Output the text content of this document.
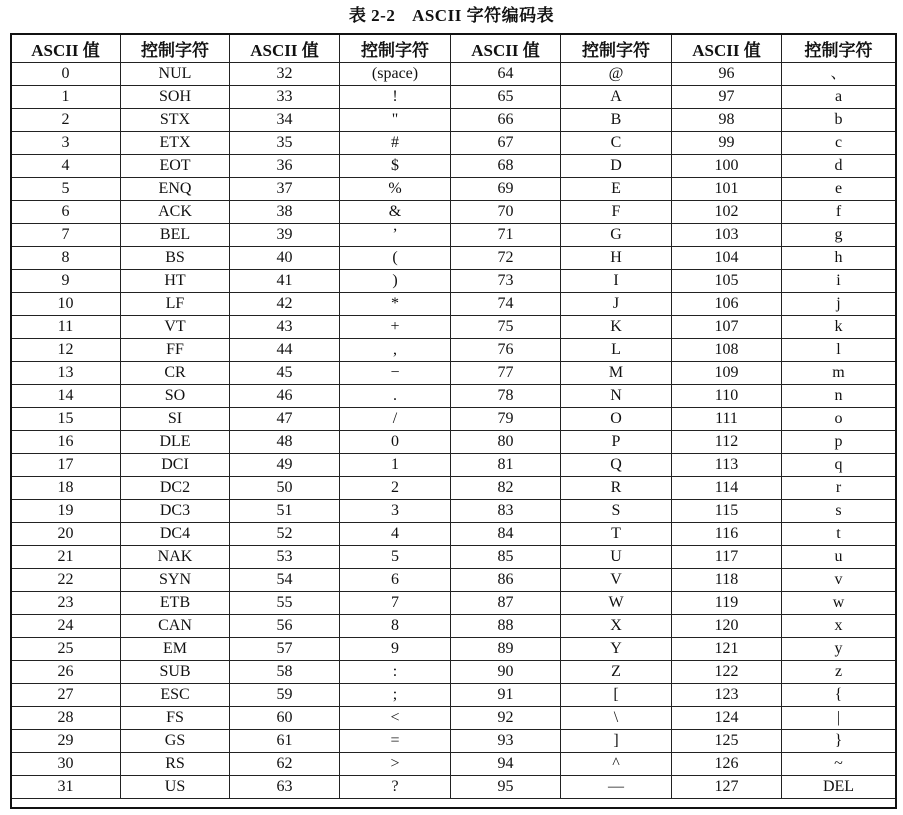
表 2-2 ASCII 字符编码表
ASCII 值	控制字符	ASCII 值	控制字符	ASCII 值	控制字符	ASCII 值	控制字符
0	NUL	32	(space)	64	@	96	、
1	SOH	33	!	65	A	97	a
2	STX	34	"	66	B	98	b
3	ETX	35	#	67	C	99	c
4	EOT	36	$	68	D	100	d
5	ENQ	37	%	69	E	101	e
6	ACK	38	&	70	F	102	f
7	BEL	39	’	71	G	103	g
8	BS	40	(	72	H	104	h
9	HT	41	)	73	I	105	i
10	LF	42	*	74	J	106	j
11	VT	43	+	75	K	107	k
12	FF	44	,	76	L	108	l
13	CR	45	−	77	M	109	m
14	SO	46	.	78	N	110	n
15	SI	47	/	79	O	111	o
16	DLE	48	0	80	P	112	p
17	DCI	49	1	81	Q	113	q
18	DC2	50	2	82	R	114	r
19	DC3	51	3	83	S	115	s
20	DC4	52	4	84	T	116	t
21	NAK	53	5	85	U	117	u
22	SYN	54	6	86	V	118	v
23	ETB	55	7	87	W	119	w
24	CAN	56	8	88	X	120	x
25	EM	57	9	89	Y	121	y
26	SUB	58	:	90	Z	122	z
27	ESC	59	;	91	[	123	{
28	FS	60	<	92	\	124	|
29	GS	61	=	93	]	125	}
30	RS	62	>	94	^	126	~
31	US	63	?	95	—	127	DEL
